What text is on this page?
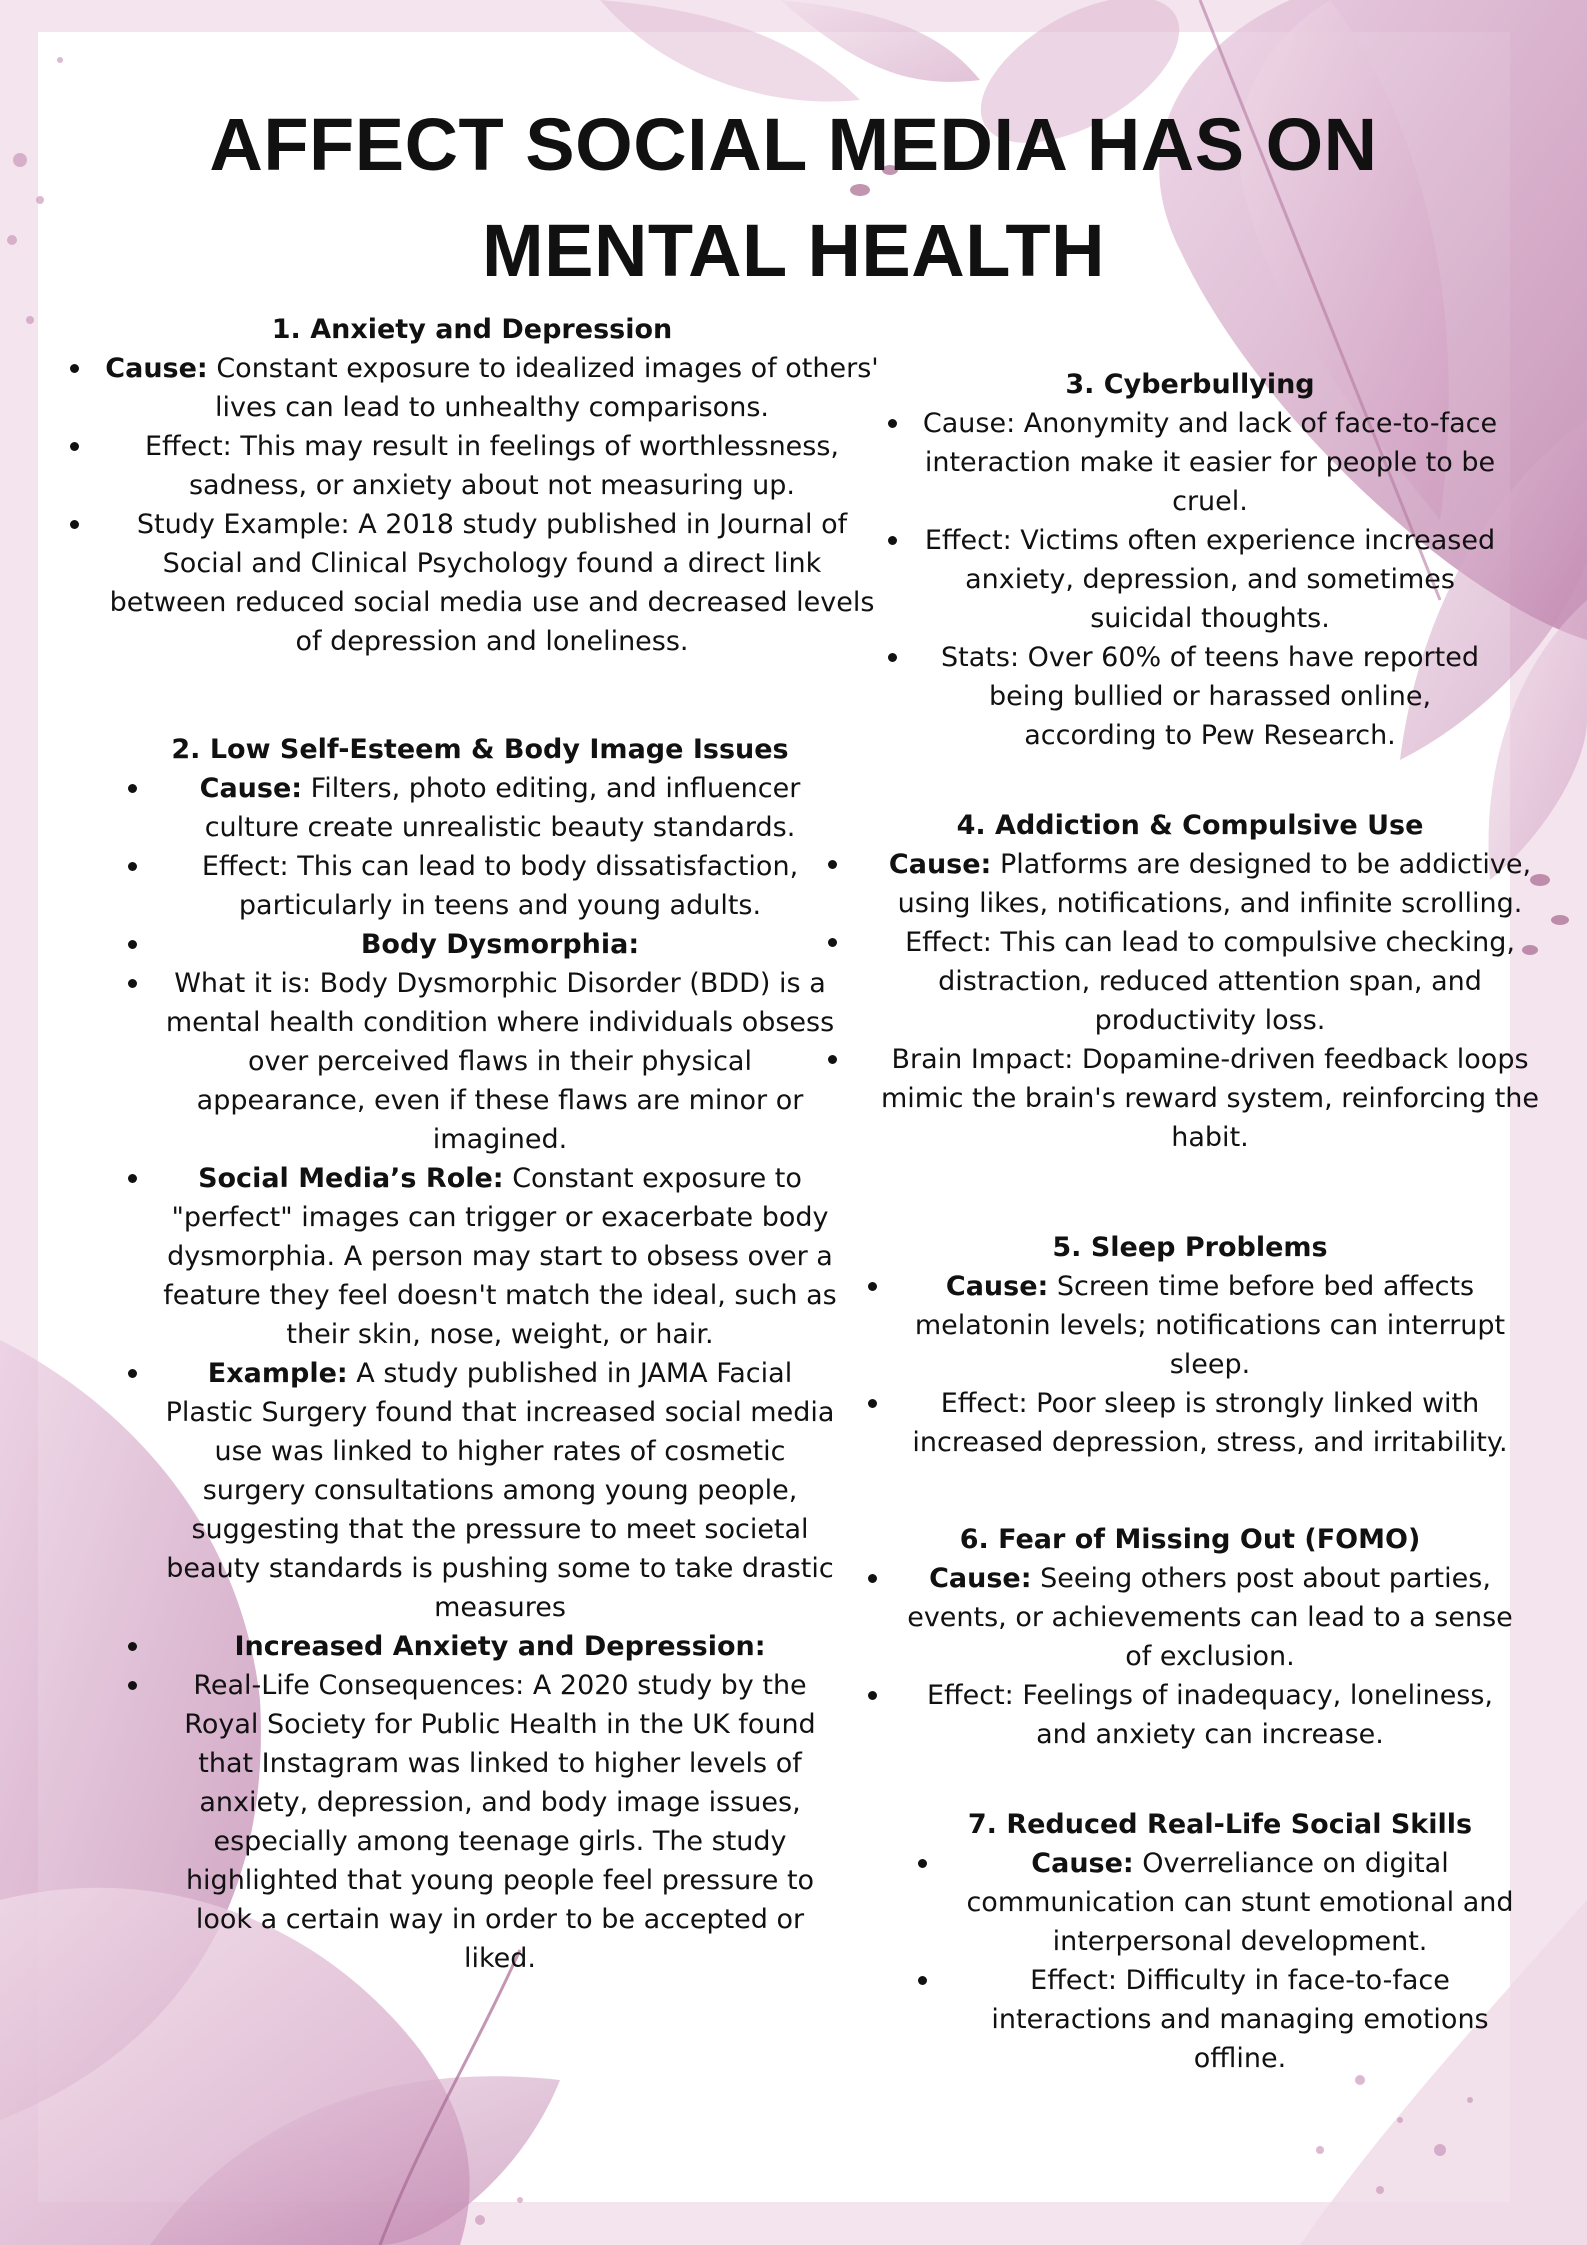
AFFECT SOCIAL MEDIA HAS ON MENTAL HEALTH
1. Anxiety and Depression
Cause: Constant exposure to idealized images of others' lives can lead to unhealthy comparisons.
Effect: This may result in feelings of worthlessness, sadness, or anxiety about not measuring up.
Study Example: A 2018 study published in Journal of Social and Clinical Psychology found a direct link between reduced social media use and decreased levels of depression and loneliness.
2. Low Self-Esteem & Body Image Issues
Cause: Filters, photo editing, and influencer culture create unrealistic beauty standards.
Effect: This can lead to body dissatisfaction, particularly in teens and young adults.
Body Dysmorphia:
What it is: Body Dysmorphic Disorder (BDD) is a mental health condition where individuals obsess over perceived flaws in their physical appearance, even if these flaws are minor or imagined.
Social Media’s Role: Constant exposure to "perfect" images can trigger or exacerbate body dysmorphia. A person may start to obsess over a feature they feel doesn't match the ideal, such as their skin, nose, weight, or hair.
Example: A study published in JAMA Facial Plastic Surgery found that increased social media use was linked to higher rates of cosmetic surgery consultations among young people, suggesting that the pressure to meet societal beauty standards is pushing some to take drastic measures
Increased Anxiety and Depression:
Real-Life Consequences: A 2020 study by the Royal Society for Public Health in the UK found that Instagram was linked to higher levels of anxiety, depression, and body image issues, especially among teenage girls. The study highlighted that young people feel pressure to look a certain way in order to be accepted or liked.
3. Cyberbullying
Cause: Anonymity and lack of face-to-face interaction make it easier for people to be cruel.
Effect: Victims often experience increased anxiety, depression, and sometimes suicidal thoughts.
Stats: Over 60% of teens have reported being bullied or harassed online, according to Pew Research.
4. Addiction & Compulsive Use
Cause: Platforms are designed to be addictive, using likes, notifications, and infinite scrolling.
Effect: This can lead to compulsive checking, distraction, reduced attention span, and productivity loss.
Brain Impact: Dopamine-driven feedback loops mimic the brain's reward system, reinforcing the habit.
5. Sleep Problems
Cause: Screen time before bed affects melatonin levels; notifications can interrupt sleep.
Effect: Poor sleep is strongly linked with increased depression, stress, and irritability.
6. Fear of Missing Out (FOMO)
Cause: Seeing others post about parties, events, or achievements can lead to a sense of exclusion.
Effect: Feelings of inadequacy, loneliness, and anxiety can increase.
7. Reduced Real-Life Social Skills
Cause: Overreliance on digital communication can stunt emotional and interpersonal development.
Effect: Difficulty in face-to-face interactions and managing emotions offline.
